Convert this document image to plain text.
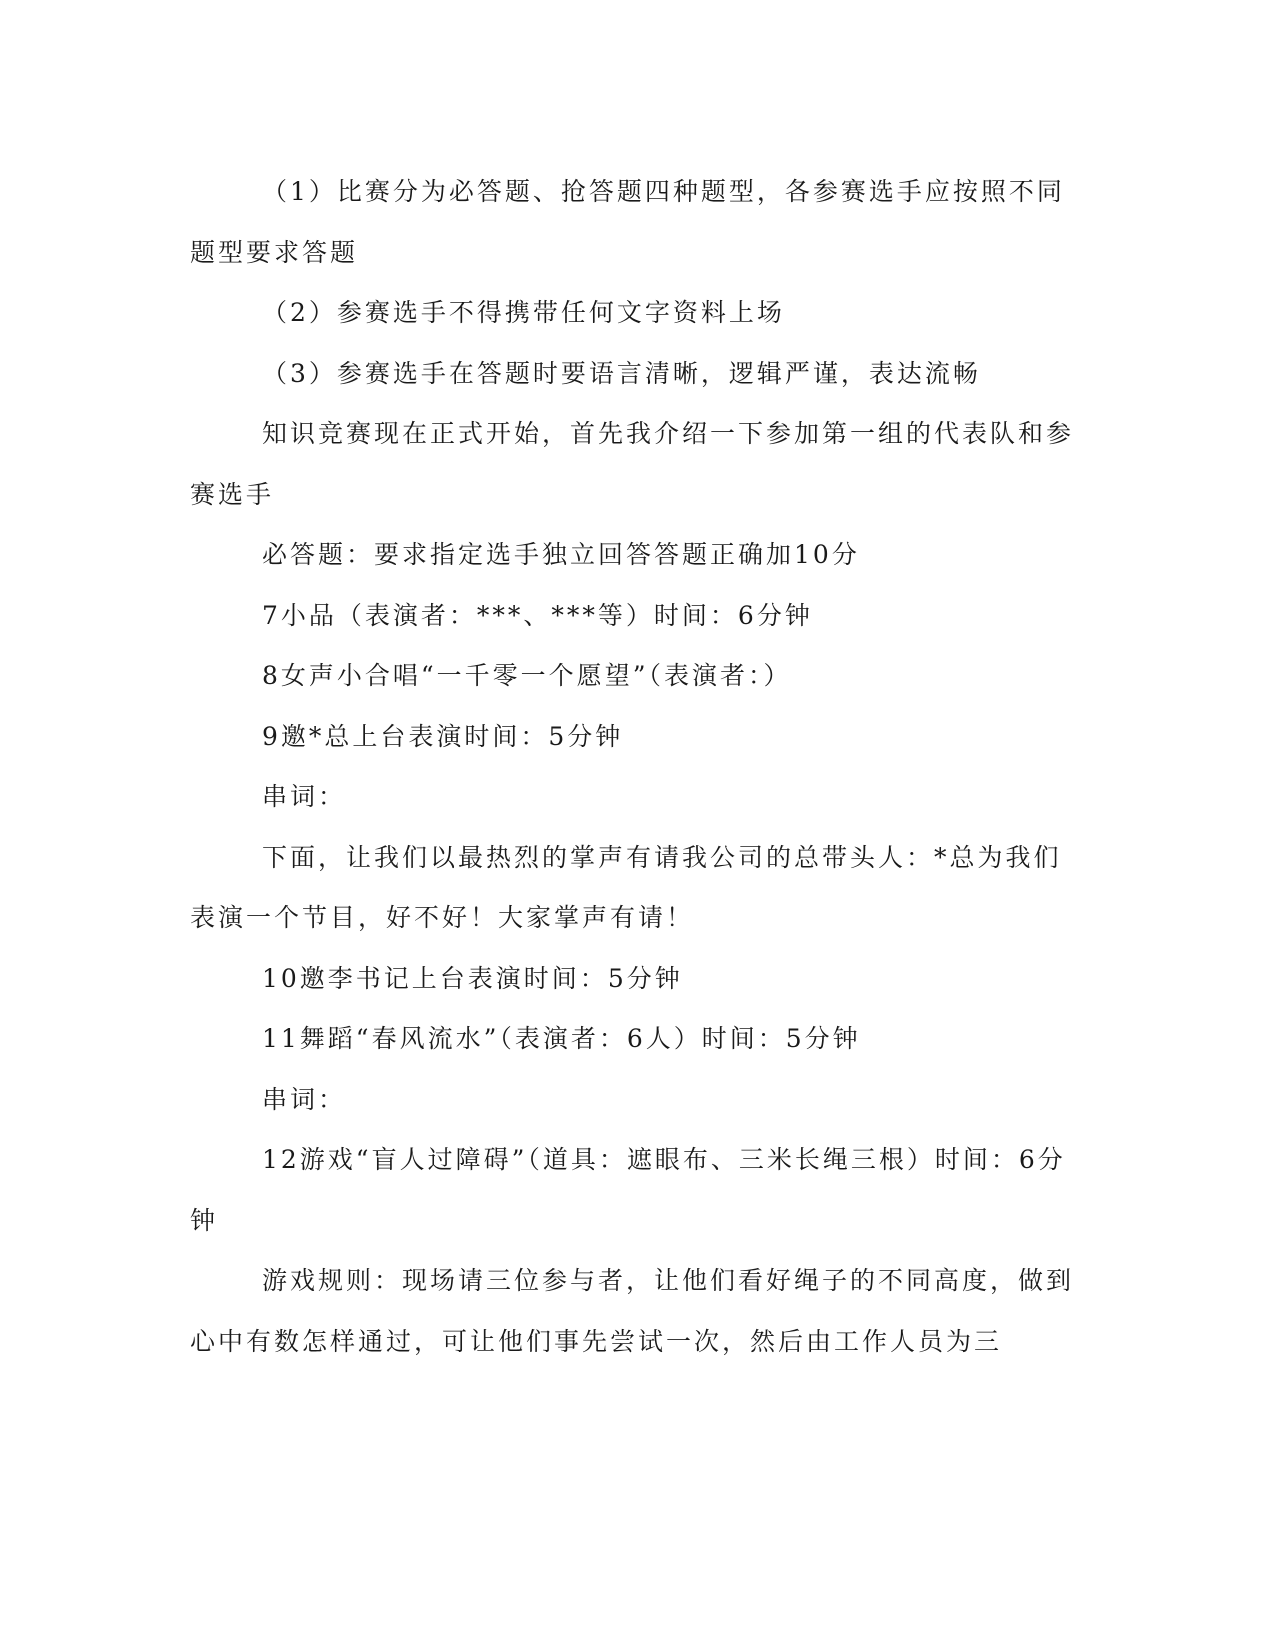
（1）比赛分为必答题、抢答题四种题型，各参赛选手应按照不同题型要求答题

（2）参赛选手不得携带任何文字资料上场

（3）参赛选手在答题时要语言清晰，逻辑严谨，表达流畅

知识竞赛现在正式开始，首先我介绍一下参加第一组的代表队和参赛选手

必答题：要求指定选手独立回答答题正确加10分

7小品（表演者：***、***等）时间：6分钟

8女声小合唱“一千零一个愿望”（表演者：）

9邀*总上台表演时间：5分钟

串词：

下面，让我们以最热烈的掌声有请我公司的总带头人：*总为我们表演一个节目，好不好！大家掌声有请！

10邀李书记上台表演时间：5分钟

11舞蹈“春风流水”（表演者：6人）时间：5分钟

串词：

12游戏“盲人过障碍”（道具：遮眼布、三米长绳三根）时间：6分钟

游戏规则：现场请三位参与者，让他们看好绳子的不同高度，做到心中有数怎样通过，可让他们事先尝试一次，然后由工作人员为三
